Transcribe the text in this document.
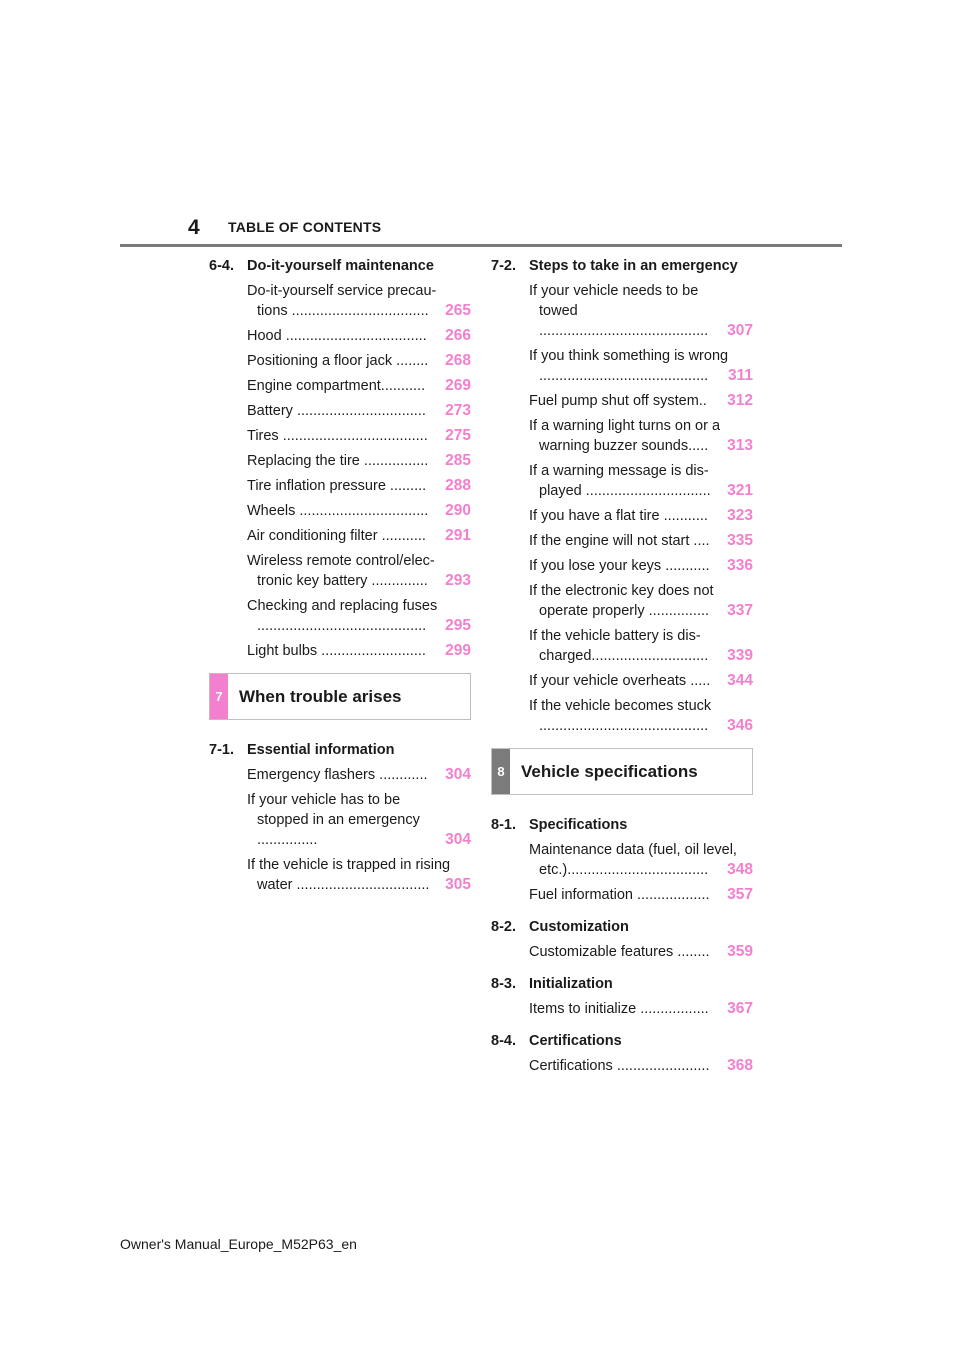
4 TABLE OF CONTENTS
6-4. Do-it-yourself maintenance
Do-it-yourself service precau-tions ..................................	265
Hood ...................................	266
Positioning a floor jack ........	268
Engine compartment...........	269
Battery ................................	273
Tires ....................................	275
Replacing the tire ................	285
Tire inflation pressure .........	288
Wheels ................................	290
Air conditioning filter ...........	291
Wireless remote control/elec-tronic key battery ..............	293
Checking and replacing fuses ..........................................	295
Light bulbs ..........................	299
7 When trouble arises
7-1. Essential information
Emergency flashers ............	304
If your vehicle has to be stopped in an emergency ...............	304
If the vehicle is trapped in rising water .................................	305
7-2. Steps to take in an emergency
If your vehicle needs to be towed ..........................................	307
If you think something is wrong ..........................................	311
Fuel pump shut off system..	312
If a warning light turns on or a warning buzzer sounds.....	313
If a warning message is dis-played ...............................	321
If you have a flat tire ...........	323
If the engine will not start ....	335
If you lose your keys ...........	336
If the electronic key does not operate properly ...............	337
If the vehicle battery is dis-charged.............................	339
If your vehicle overheats .....	344
If the vehicle becomes stuck ..........................................	346
8 Vehicle specifications
8-1. Specifications
Maintenance data (fuel, oil level, etc.)...................................	348
Fuel information ..................	357
8-2. Customization
Customizable features ........	359
8-3. Initialization
Items to initialize .................	367
8-4. Certifications
Certifications .......................	368
Owner's Manual_Europe_M52P63_en
